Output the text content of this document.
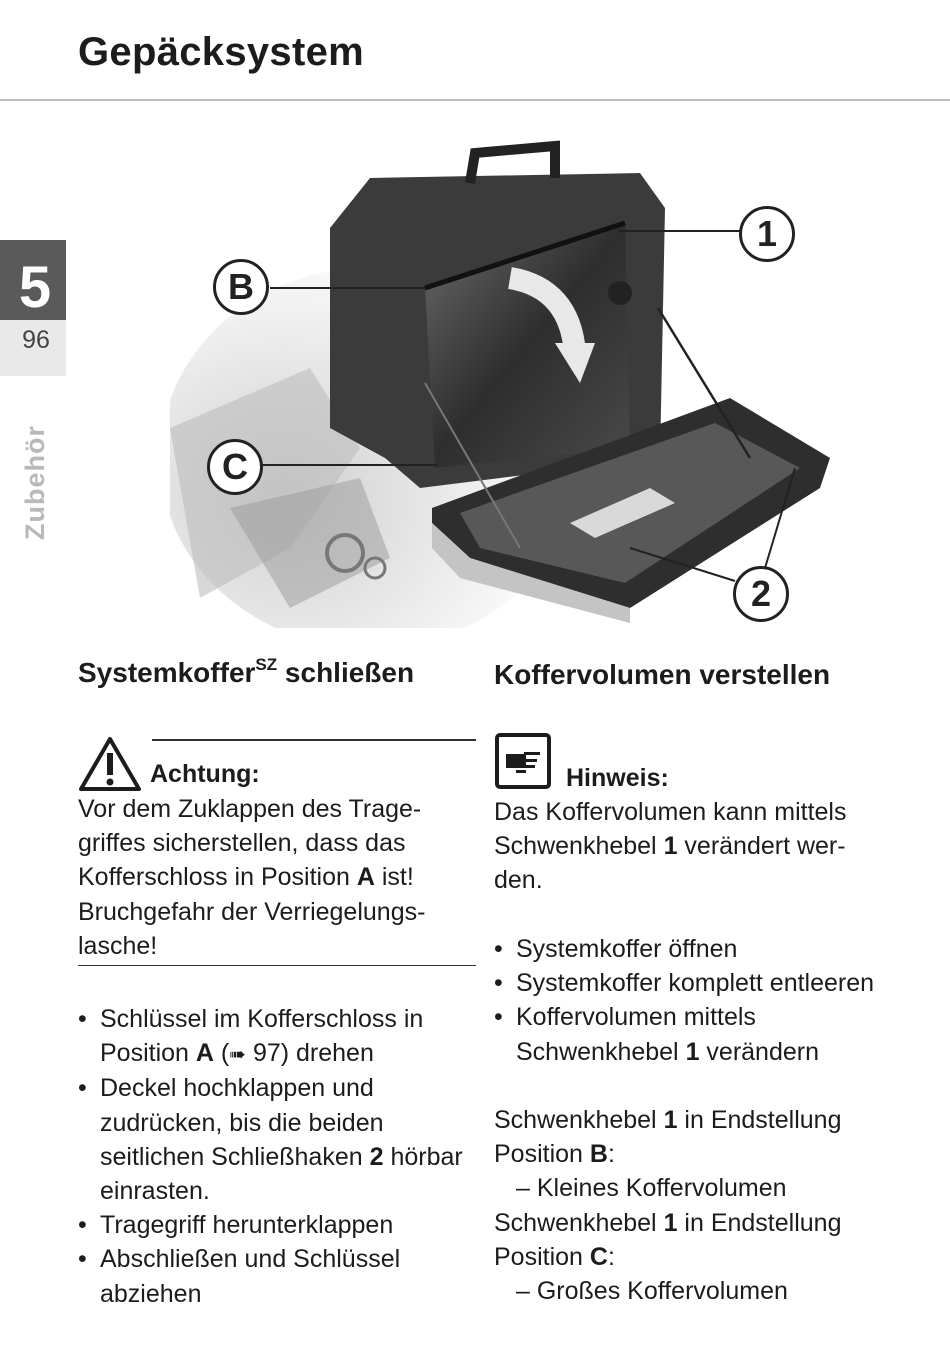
Gepäcksystem
5
96
Zubehör
1
B
C
2
Systemkoffer$^{SZ}$ schließen
Achtung:

Vor dem Zuklappen des Trage-
griffes sicherstellen, dass das
Kofferschloss in Position A ist!
Bruchgefahr der Verriegelungs-
lasche!

• Schlüssel im Kofferschloss in Position A (➠ 97) drehen
• Deckel hochklappen und zudrücken, bis die beiden seitlichen Schließhaken 2 hörbar einrasten.
• Tragegriff herunterklappen
• Abschließen und Schlüssel abziehen
Koffervolumen verstellen
Hinweis:

Das Koffervolumen kann mittels Schwenkhebel 1 verändert wer-den.

• Systemkoffer öffnen
• Systemkoffer komplett entleeren
• Koffervolumen mittels Schwenkhebel 1 verändern
Schwenkhebel 1 in Endstellung
Position B:
– Kleines Koffervolumen
Schwenkhebel 1 in Endstellung
Position C:
– Großes Koffervolumen
